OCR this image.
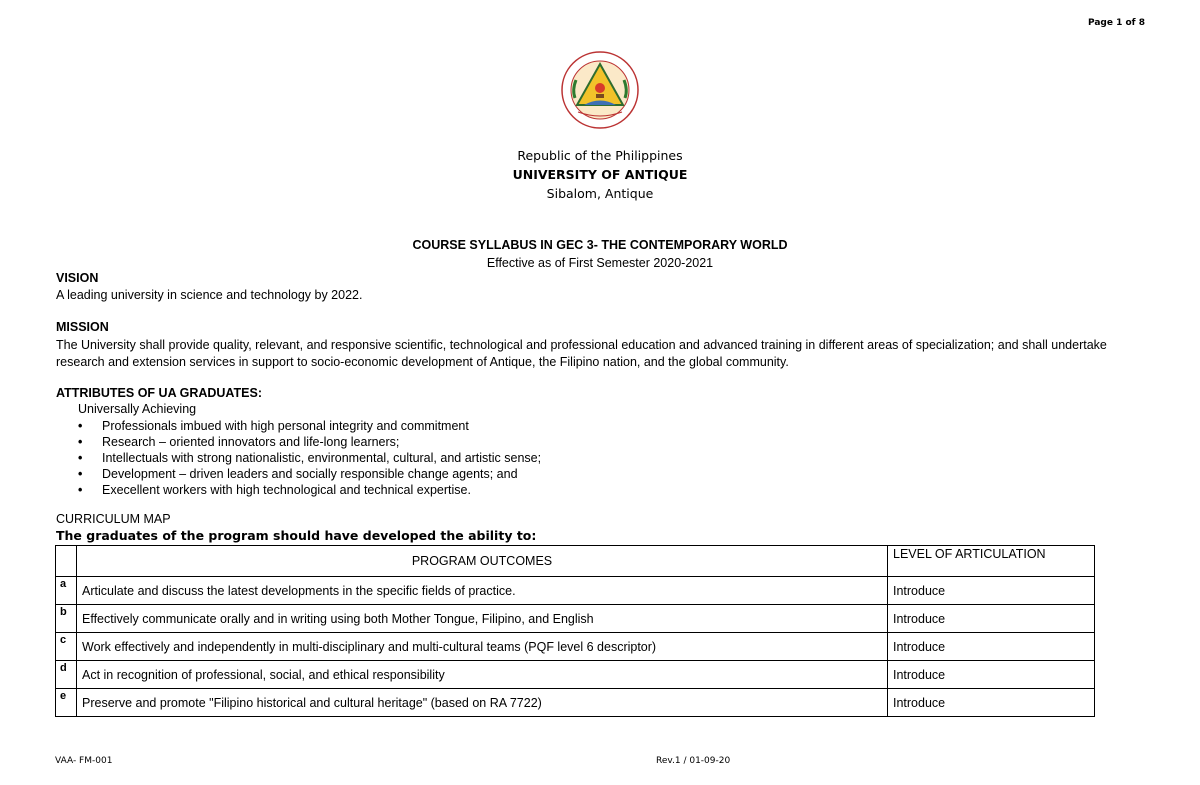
Page 1 of 8
Republic of the Philippines
UNIVERSITY OF ANTIQUE
Sibalom, Antique
COURSE SYLLABUS IN GEC 3- THE CONTEMPORARY WORLD
Effective as of First Semester 2020-2021
VISION
A leading university in science and technology by 2022.
MISSION
The University shall provide quality, relevant, and responsive scientific, technological and professional education and advanced training in different areas of specialization; and shall undertake research and extension services in support to socio-economic development of Antique, the Filipino nation, and the global community.
ATTRIBUTES OF UA GRADUATES:
Universally Achieving
• Professionals imbued with high personal integrity and commitment
• Research – oriented innovators and life-long learners;
• Intellectuals with strong nationalistic, environmental, cultural, and artistic sense;
• Development – driven leaders and socially responsible change agents; and
• Execellent workers with high technological and technical expertise.
CURRICULUM MAP
The graduates of the program should have developed the ability to:
	PROGRAM OUTCOMES	LEVEL OF ARTICULATION
a	Articulate and discuss the latest developments in the specific fields of practice.	Introduce
b	Effectively communicate orally and in writing using both Mother Tongue, Filipino, and English	Introduce
c	Work effectively and independently in multi-disciplinary and multi-cultural teams (PQF level 6 descriptor)	Introduce
d	Act in recognition of professional, social, and ethical responsibility	Introduce
e	Preserve and promote "Filipino historical and cultural heritage" (based on RA 7722)	Introduce
VAA- FM-001	Rev.1 / 01-09-20
